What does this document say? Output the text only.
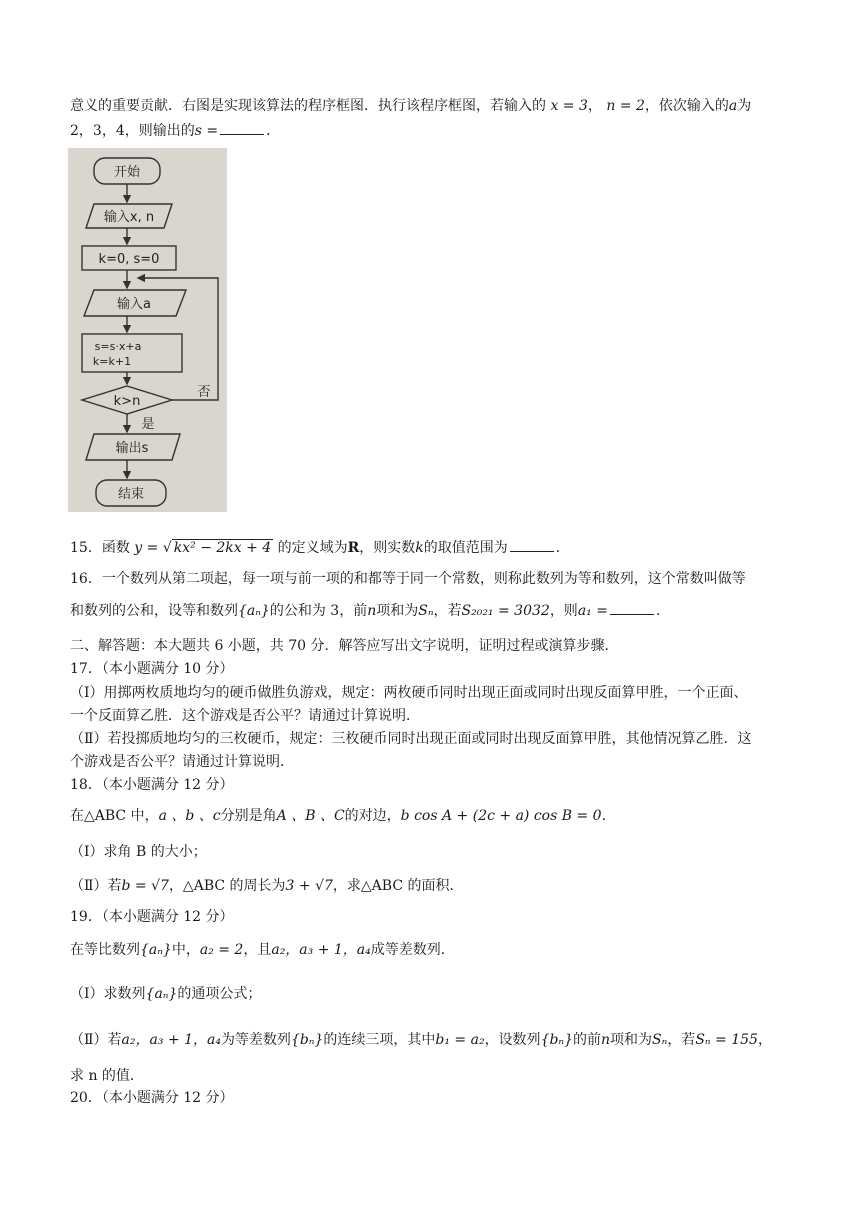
意义的重要贡献．右图是实现该算法的程序框图．执行该程序框图，若输入的 x = 3， n = 2，依次输入的a为
2，3，4，则输出的s =	．
开始
输入x, n
k=0, s=0
输入a
s=s·x+a
k=k+1
k>n
否
是
输出s
结束
15．函数 y = √ kx² − 2kx + 4 的定义域为R，则实数k的取值范围为	．
16．一个数列从第二项起，每一项与前一项的和都等于同一个常数，则称此数列为等和数列，这个常数叫做等
和数列的公和，设等和数列{aₙ}的公和为 3，前n项和为Sₙ，若S₂₀₂₁ = 3032，则a₁ =	．
二、解答题：本大题共 6 小题，共 70 分．解答应写出文字说明，证明过程或演算步骤．
17．（本小题满分 10 分）
（Ⅰ）用掷两枚质地均匀的硬币做胜负游戏，规定：两枚硬币同时出现正面或同时出现反面算甲胜，一个正面、
一个反面算乙胜．这个游戏是否公平？请通过计算说明．
（Ⅱ）若投掷质地均匀的三枚硬币，规定：三枚硬币同时出现正面或同时出现反面算甲胜，其他情况算乙胜．这
个游戏是否公平？请通过计算说明．
18．（本小题满分 12 分）
在△ABC 中，a 、b 、c分别是角A 、B 、C的对边，b cos A + (2c + a) cos B = 0．
（Ⅰ）求角 B 的大小；
（Ⅱ）若b = √7，△ABC 的周长为3 + √7，求△ABC 的面积．
19．（本小题满分 12 分）
在等比数列{aₙ}中，a₂ = 2，且a₂，a₃ + 1，a₄成等差数列．
（Ⅰ）求数列{aₙ}的通项公式；
（Ⅱ）若a₂，a₃ + 1，a₄为等差数列{bₙ}的连续三项，其中b₁ = a₂，设数列{bₙ}的前n项和为Sₙ，若Sₙ = 155，
求 n 的值．
20．（本小题满分 12 分）
